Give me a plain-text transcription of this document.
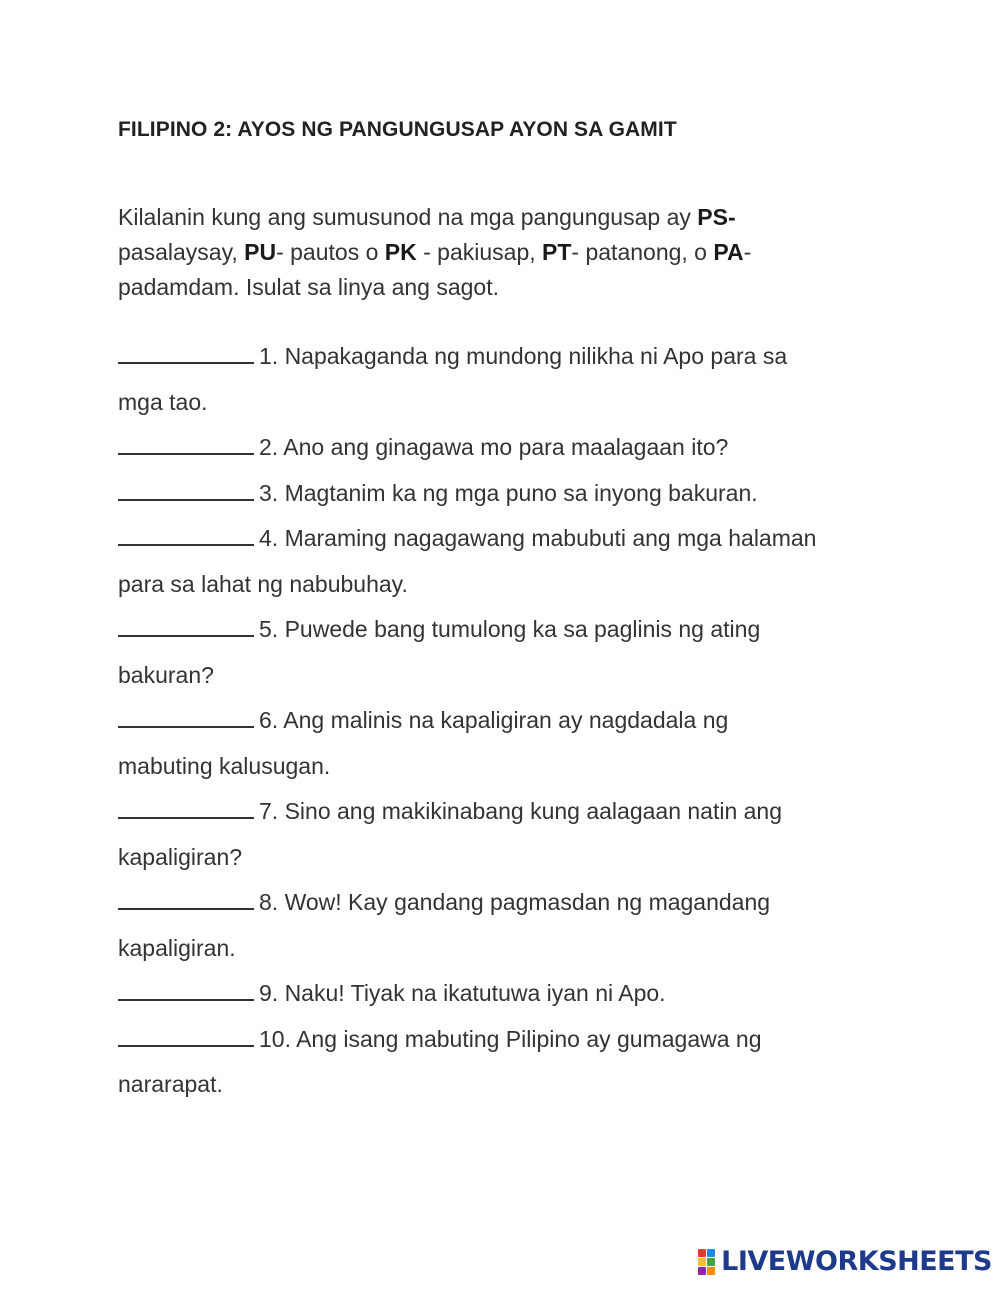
FILIPINO 2: AYOS NG PANGUNGUSAP AYON SA GAMIT
Kilalanin kung ang sumusunod na mga pangungusap ay PS-
pasalaysay, PU- pautos o PK - pakiusap, PT- patanong, o PA- padamdam. Isulat sa linya ang sagot.
1. Napakaganda ng mundong nilikha ni Apo para sa
mga tao.
2. Ano ang ginagawa mo para maalagaan ito?
3. Magtanim ka ng mga puno sa inyong bakuran.
4. Maraming nagagawang mabubuti ang mga halaman
para sa lahat ng nabubuhay.
5. Puwede bang tumulong ka sa paglinis ng ating
bakuran?
6. Ang malinis na kapaligiran ay nagdadala ng
mabuting kalusugan.
7. Sino ang makikinabang kung aalagaan natin ang
kapaligiran?
8. Wow! Kay gandang pagmasdan ng magandang
kapaligiran.
9. Naku! Tiyak na ikatutuwa iyan ni Apo.
10. Ang isang mabuting Pilipino ay gumagawa ng
nararapat.
LIVEWORKSHEETS
